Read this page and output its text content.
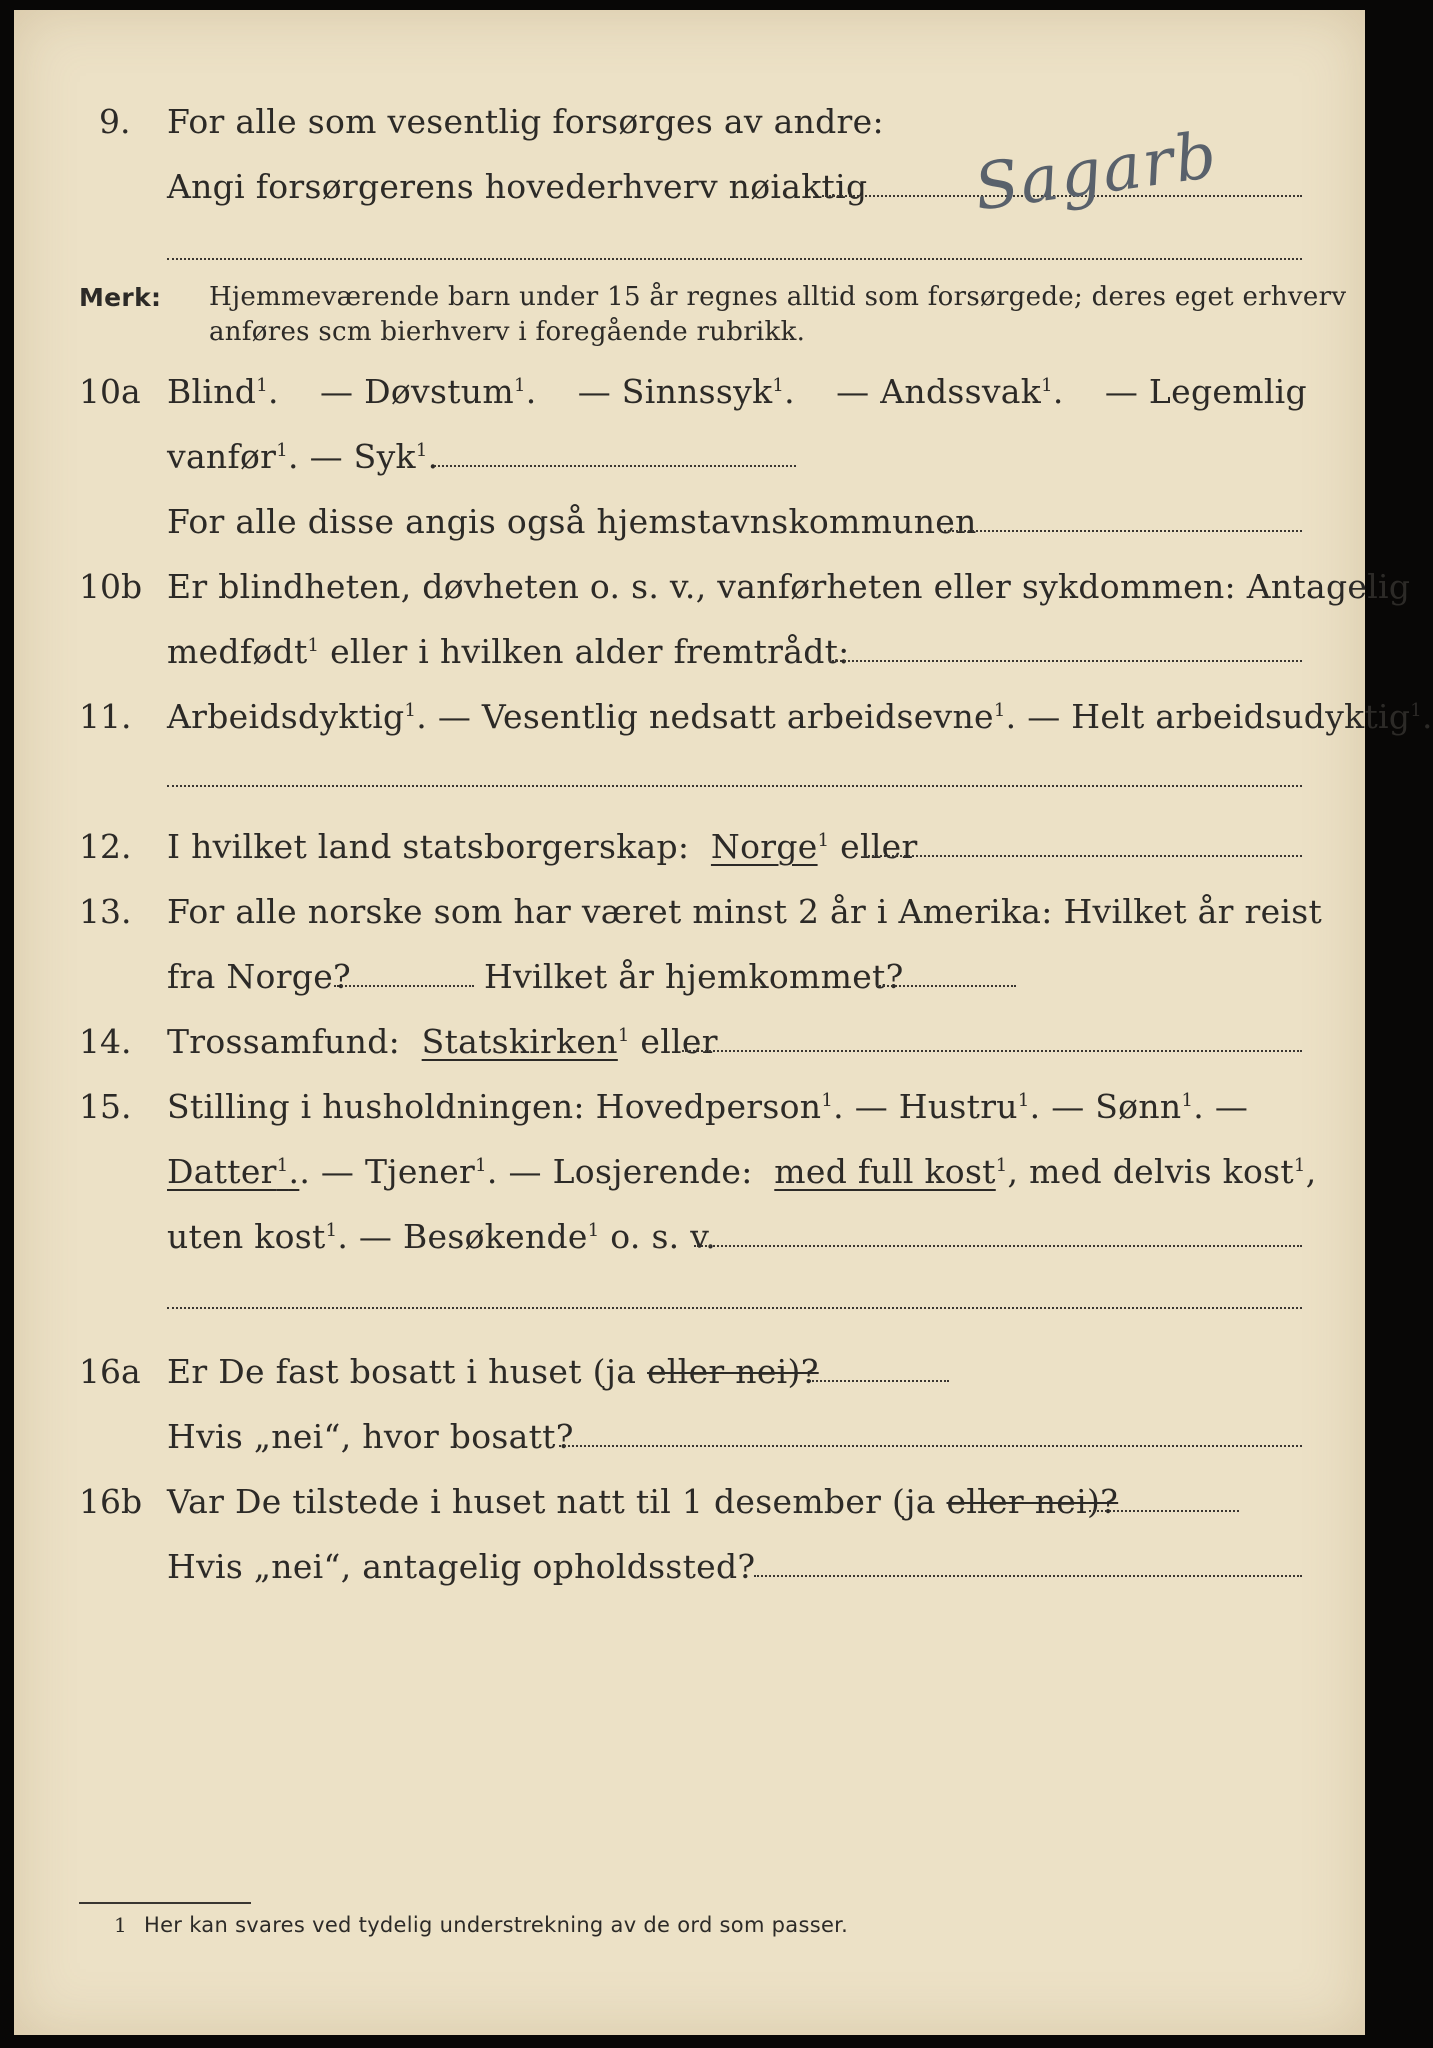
9. For alle som vesentlig forsørges av andre:
Angi forsørgerens hovederhverv nøiaktig Sagarb
Merk: Hjemmeværende barn under 15 år regnes alltid som forsørgede; deres eget erhverv
anføres scm bierhverv i foregående rubrikk.
10a Blind$^1$. — Døvstum$^1$. — Sinnssyk$^1$. — Andssvak$^1$. — Legemlig
vanfør$^1$. — Syk$^1$.
For alle disse angis også hjemstavnskommunen
10b Er blindheten, døvheten o. s. v., vanførheten eller sykdommen: Antagelig
medfødt$^1$ eller i hvilken alder fremtrådt:
11. Arbeidsdyktig$^1$. — Vesentlig nedsatt arbeidsevne$^1$. — Helt arbeidsudyktig$^1$.
12. I hvilket land statsborgerskap: Norge$^1$ eller
13. For alle norske som har været minst 2 år i Amerika: Hvilket år reist
fra Norge?	Hvilket år hjemkommet?
14. Trossamfund: Statskirken$^1$ eller
15. Stilling i husholdningen: Hovedperson$^1$. — Hustru$^1$. — Sønn$^1$. —
Datter$^1$.. — Tjener$^1$. — Losjerende: med full kost$^1$, med delvis kost$^1$,
uten kost$^1$. — Besøkende$^1$ o. s. v.
16a Er De fast bosatt i huset (ja eller nei)?
Hvis „nei“, hvor bosatt?
16b Var De tilstede i huset natt til 1 desember (ja eller nei)?
Hvis „nei“, antagelig opholdssted?
1 Her kan svares ved tydelig understrekning av de ord som passer.
